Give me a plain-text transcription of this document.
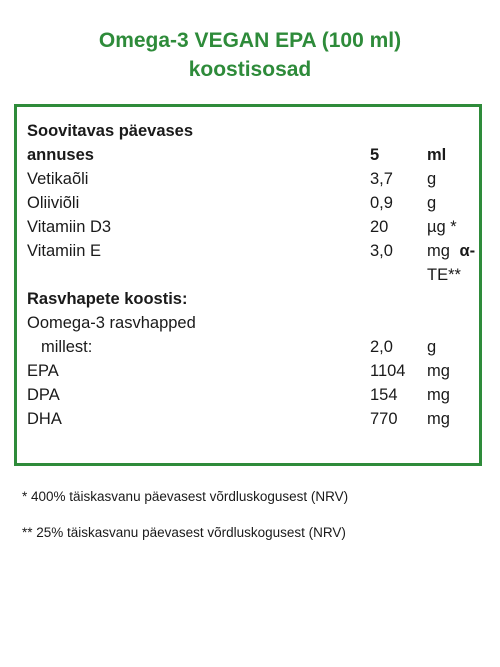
Omega-3 VEGAN EPA (100 ml)
koostisosad
Soovitavas päevases
annuses	5	ml
Vetikaõli	3,7 g
Oliiviõli	0,9 g
Vitamiin D3	20 µg *
Vitamiin E	3,0 mg α-
TE**
Rasvhapete koostis:
Oomega-3 rasvhapped
millest:	2,0 g
EPA	1104 mg
DPA	154 mg
DHA	770 mg
* 400% täiskasvanu päevasest võrdluskogusest (NRV)
** 25% täiskasvanu päevasest võrdluskogusest (NRV)
